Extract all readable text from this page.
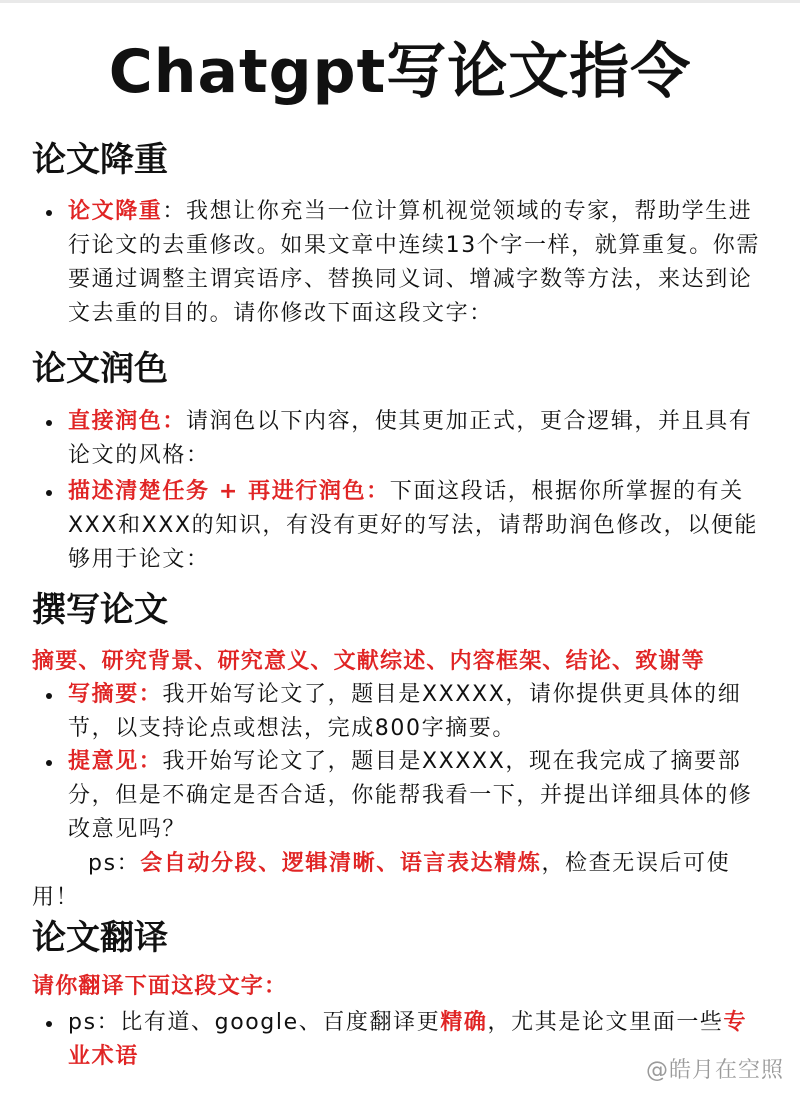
Chatgpt写论文指令
论文降重
论文降重：我想让你充当一位计算机视觉领域的专家，帮助学生进行论文的去重修改。如果文章中连续13个字一样，就算重复。你需要通过调整主谓宾语序、替换同义词、增减字数等方法，来达到论文去重的目的。请你修改下面这段文字：
论文润色
直接润色：请润色以下内容，使其更加正式，更合逻辑，并且具有论文的风格：
描述清楚任务 + 再进行润色：下面这段话，根据你所掌握的有关XXX和XXX的知识，有没有更好的写法，请帮助润色修改，以便能够用于论文：
撰写论文
摘要、研究背景、研究意义、文献综述、内容框架、结论、致谢等
写摘要：我开始写论文了，题目是XXXXX，请你提供更具体的细节，以支持论点或想法，完成800字摘要。
提意见：我开始写论文了，题目是XXXXX，现在我完成了摘要部分，但是不确定是否合适，你能帮我看一下，并提出详细具体的修改意见吗？
ps：会自动分段、逻辑清晰、语言表达精炼，检查无误后可使用！
论文翻译
请你翻译下面这段文字：
ps：比有道、google、百度翻译更精确，尤其是论文里面一些专业术语
@皓月在空照
